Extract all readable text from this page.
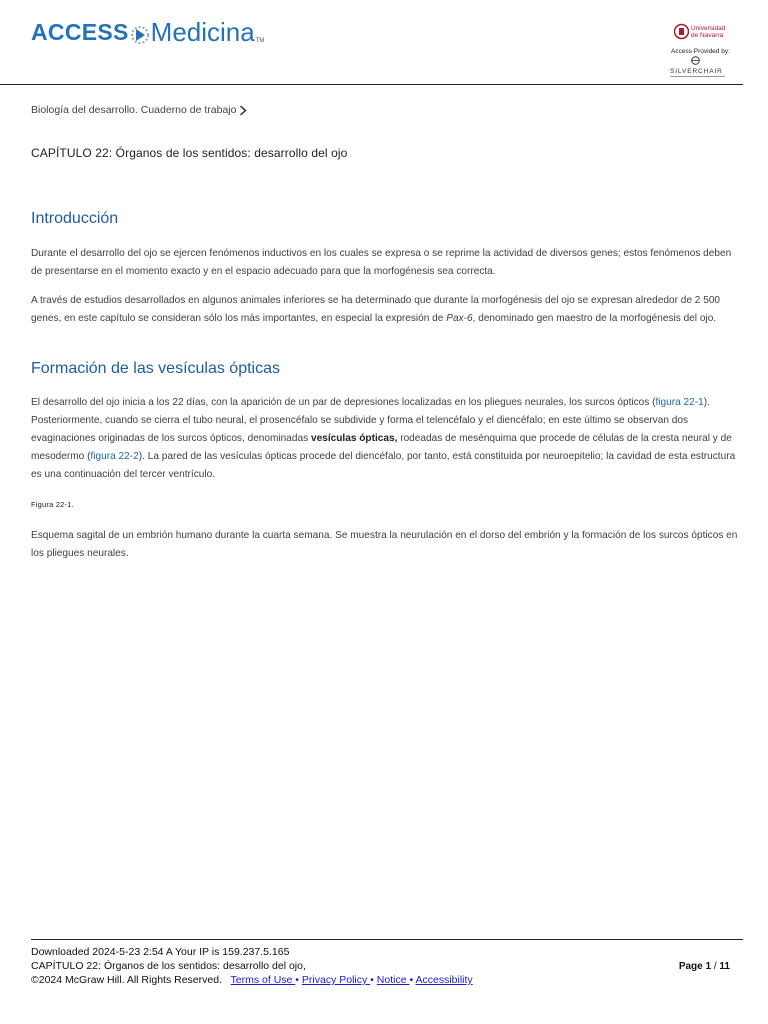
ACCESS Medicina TM
Universidad
de Navarra
Access Provided by:
SILVERCHAIR
Biología del desarrollo. Cuaderno de trabajo
CAPÍTULO 22: Órganos de los sentidos: desarrollo del ojo
Introducción

Durante el desarrollo del ojo se ejercen fenómenos inductivos en los cuales se expresa o se reprime la actividad de diversos genes; estos fenómenos deben de presentarse en el momento exacto y en el espacio adecuado para que la morfogénesis sea correcta.

A través de estudios desarrollados en algunos animales inferiores se ha determinado que durante la morfogénesis del ojo se expresan alrededor de 2 500 genes, en este capítulo se consideran sólo los más importantes, en especial la expresión de Pax-6, denominado gen maestro de la morfogénesis del ojo.

Formación de las vesículas ópticas

El desarrollo del ojo inicia a los 22 días, con la aparición de un par de depresiones localizadas en los pliegues neurales, los surcos ópticos (figura 22-1). Posteriormente, cuando se cierra el tubo neural, el prosencéfalo se subdivide y forma el telencéfalo y el diencéfalo; en este último se observan dos evaginaciones originadas de los surcos ópticos, denominadas vesículas ópticas, rodeadas de mesénquima que procede de células de la cresta neural y de mesodermo (figura 22-2). La pared de las vesículas ópticas procede del diencéfalo, por tanto, está constituida por neuroepitelio; la cavidad de esta estructura es una continuación del tercer ventrículo.

Figura 22-1.

Esquema sagital de un embrión humano durante la cuarta semana. Se muestra la neurulación en el dorso del embrión y la formación de los surcos ópticos en los pliegues neurales.

Downloaded 2024-5-23 2:54 A Your IP is 159.237.5.165
CAPÍTULO 22: Órganos de los sentidos: desarrollo del ojo,
©2024 McGraw Hill. All Rights Reserved. Terms of Use • Privacy Policy • Notice • Accessibility
Page 1 / 11
